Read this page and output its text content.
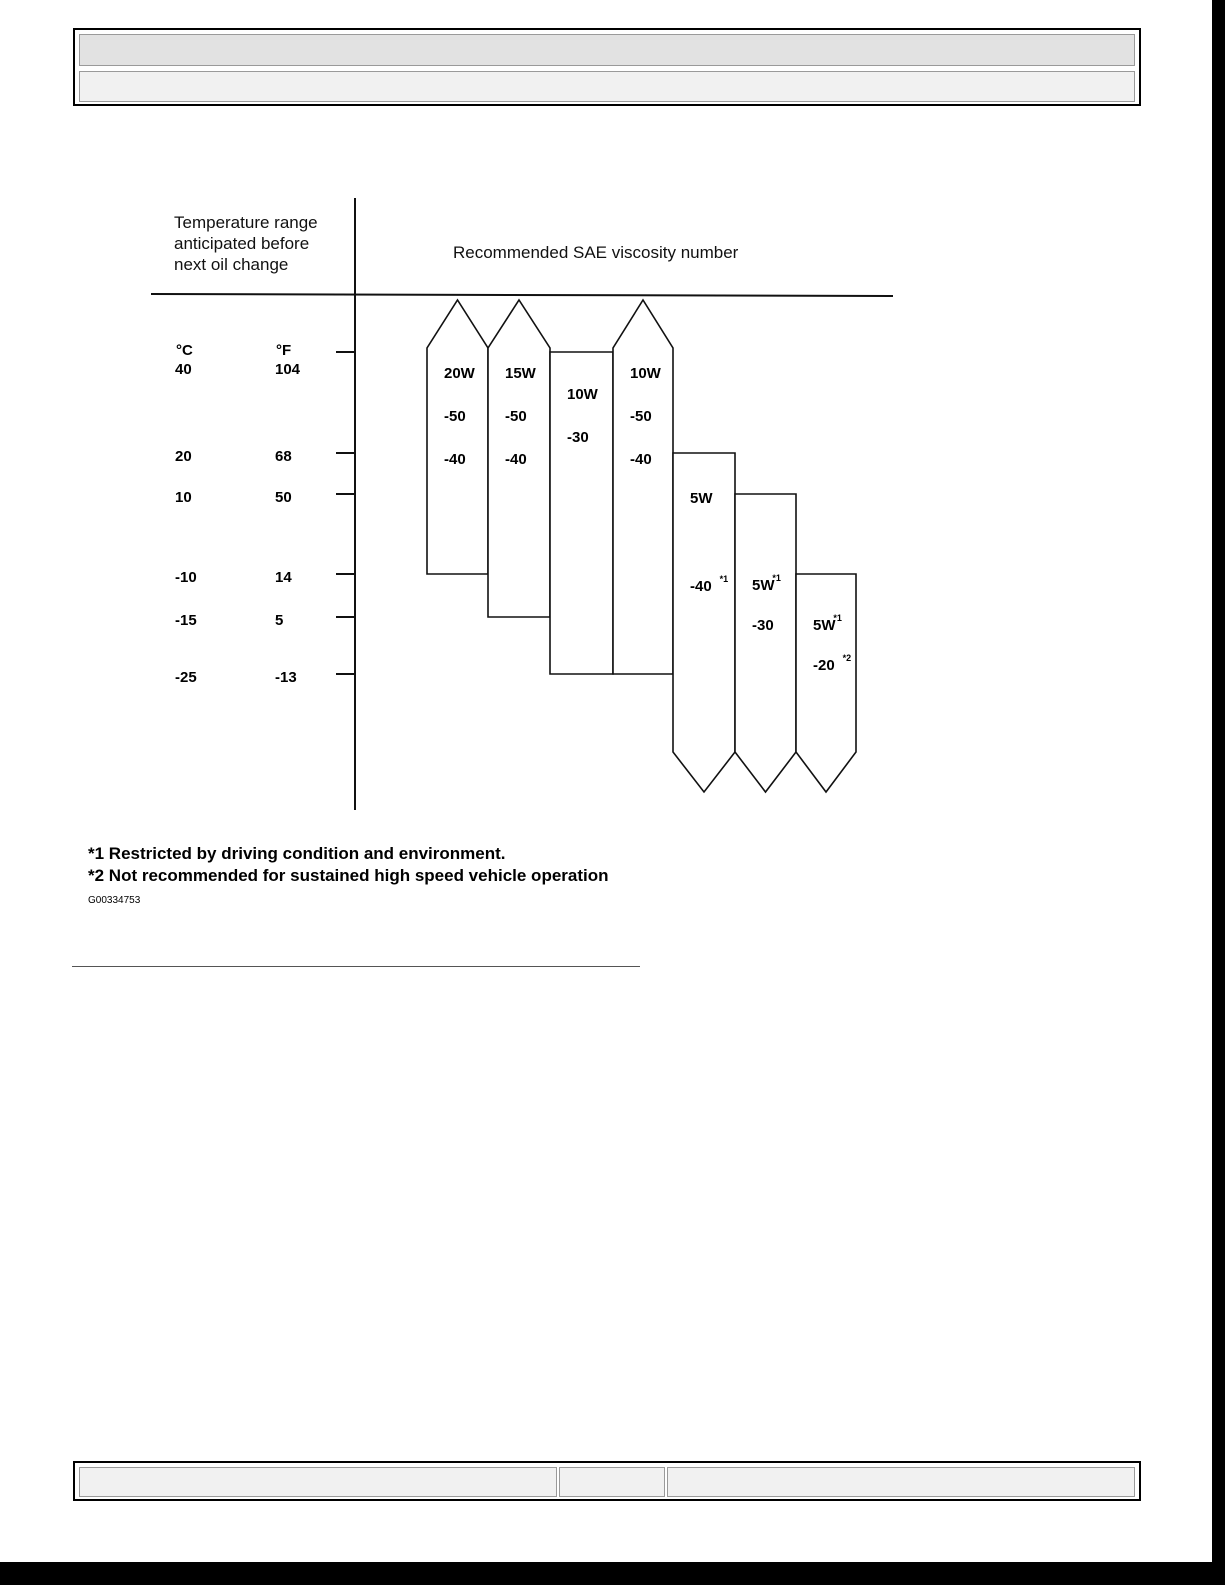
Temperature range
anticipated before
next oil change
Recommended SAE viscosity number
°C	°F
40	104
20	68
10	50
-10	14
-15	5
-25	-13
20W
-50
-40
15W
-50
-40
10W
-30
10W
-50
-40
5W
-40 *1 5W
*1
-30	5W
*1
-20 *2
*1 Restricted by driving condition and environment.
*2 Not recommended for sustained high speed vehicle operation
G00334753
